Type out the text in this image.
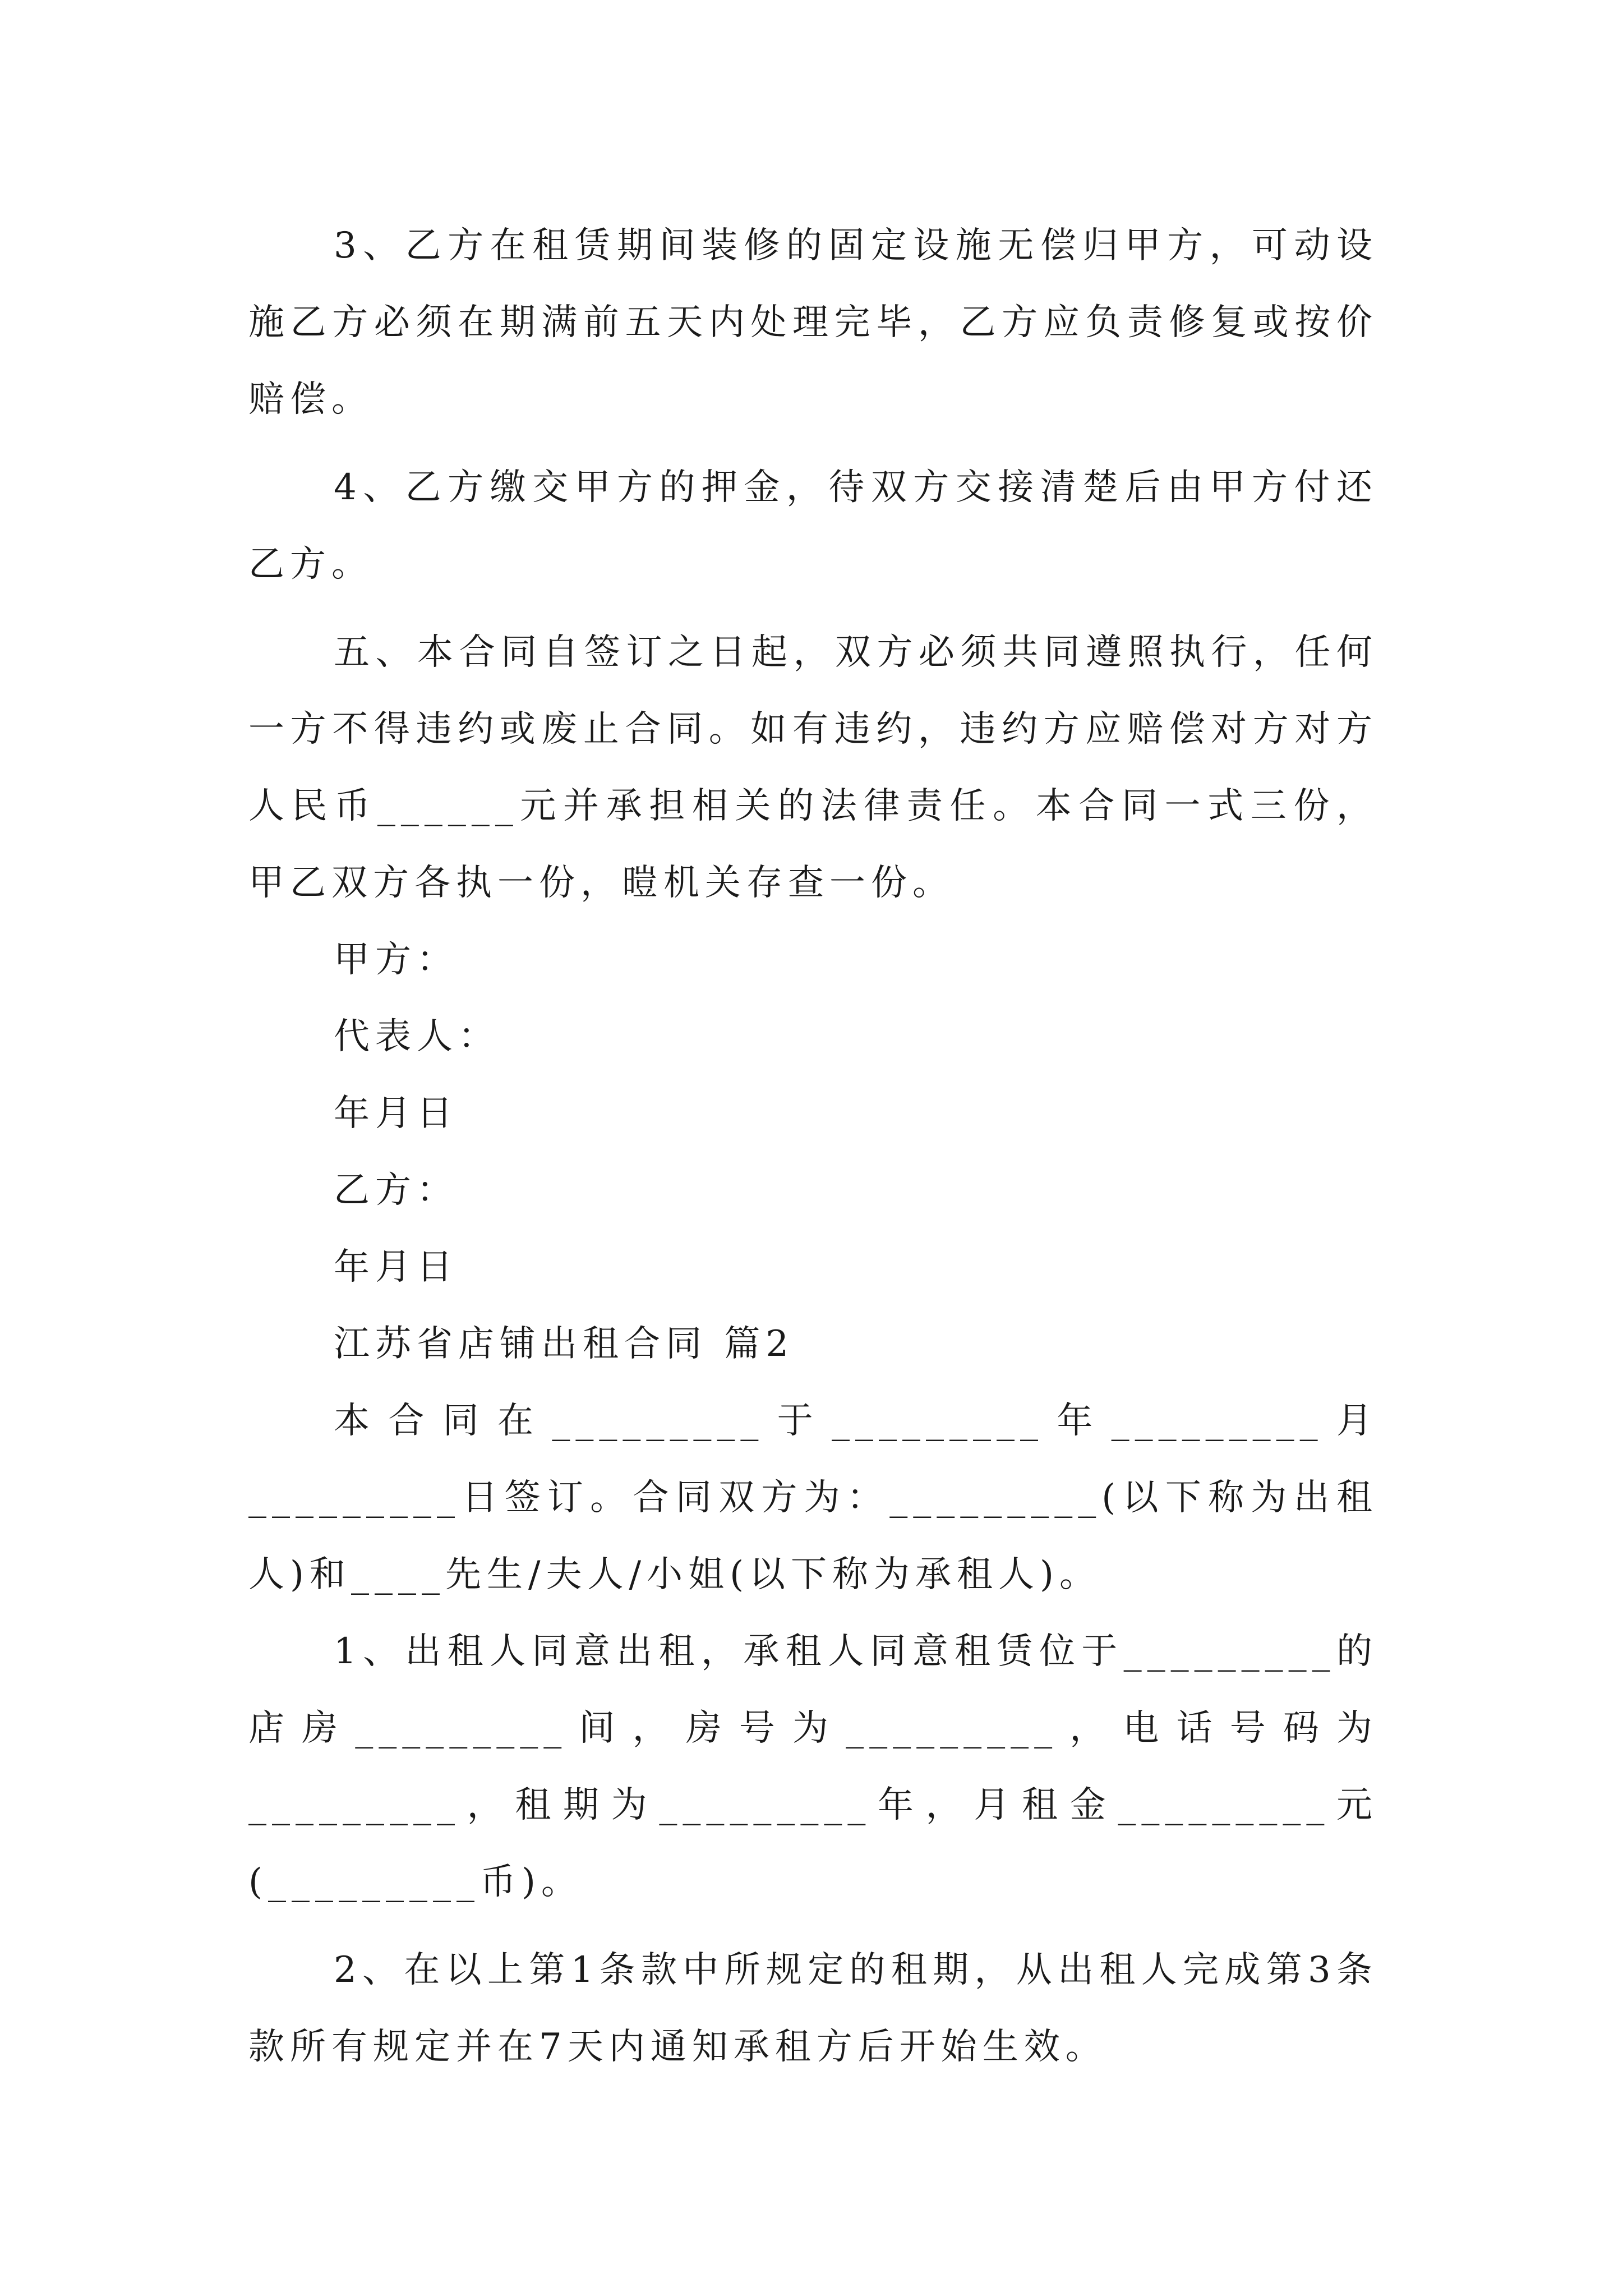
3、乙方在租赁期间装修的固定设施无偿归甲方，可动设施乙方必须在期满前五天内处理完毕，乙方应负责修复或按价赔偿。

4、乙方缴交甲方的押金，待双方交接清楚后由甲方付还乙方。

五、本合同自签订之日起，双方必须共同遵照执行，任何一方不得违约或废止合同。如有违约，违约方应赔偿对方对方人民币______元并承担相关的法律责任。本合同一式三份，甲乙双方各执一份，暟机关存查一份。

甲方：

代表人：

年月日

乙方：

年月日

江苏省店铺出租合同 篇2

本合同在_________于_________年_________月_________日签订。合同双方为：_________(以下称为出租人)和____先生/夫人/小姐(以下称为承租人)。

1、出租人同意出租，承租人同意租赁位于_________的店房_________间，房号为_________，电话号码为_________，租期为_________年，月租金_________元(_________币)。

2、在以上第1条款中所规定的租期，从出租人完成第3条款所有规定并在7天内通知承租方后开始生效。
